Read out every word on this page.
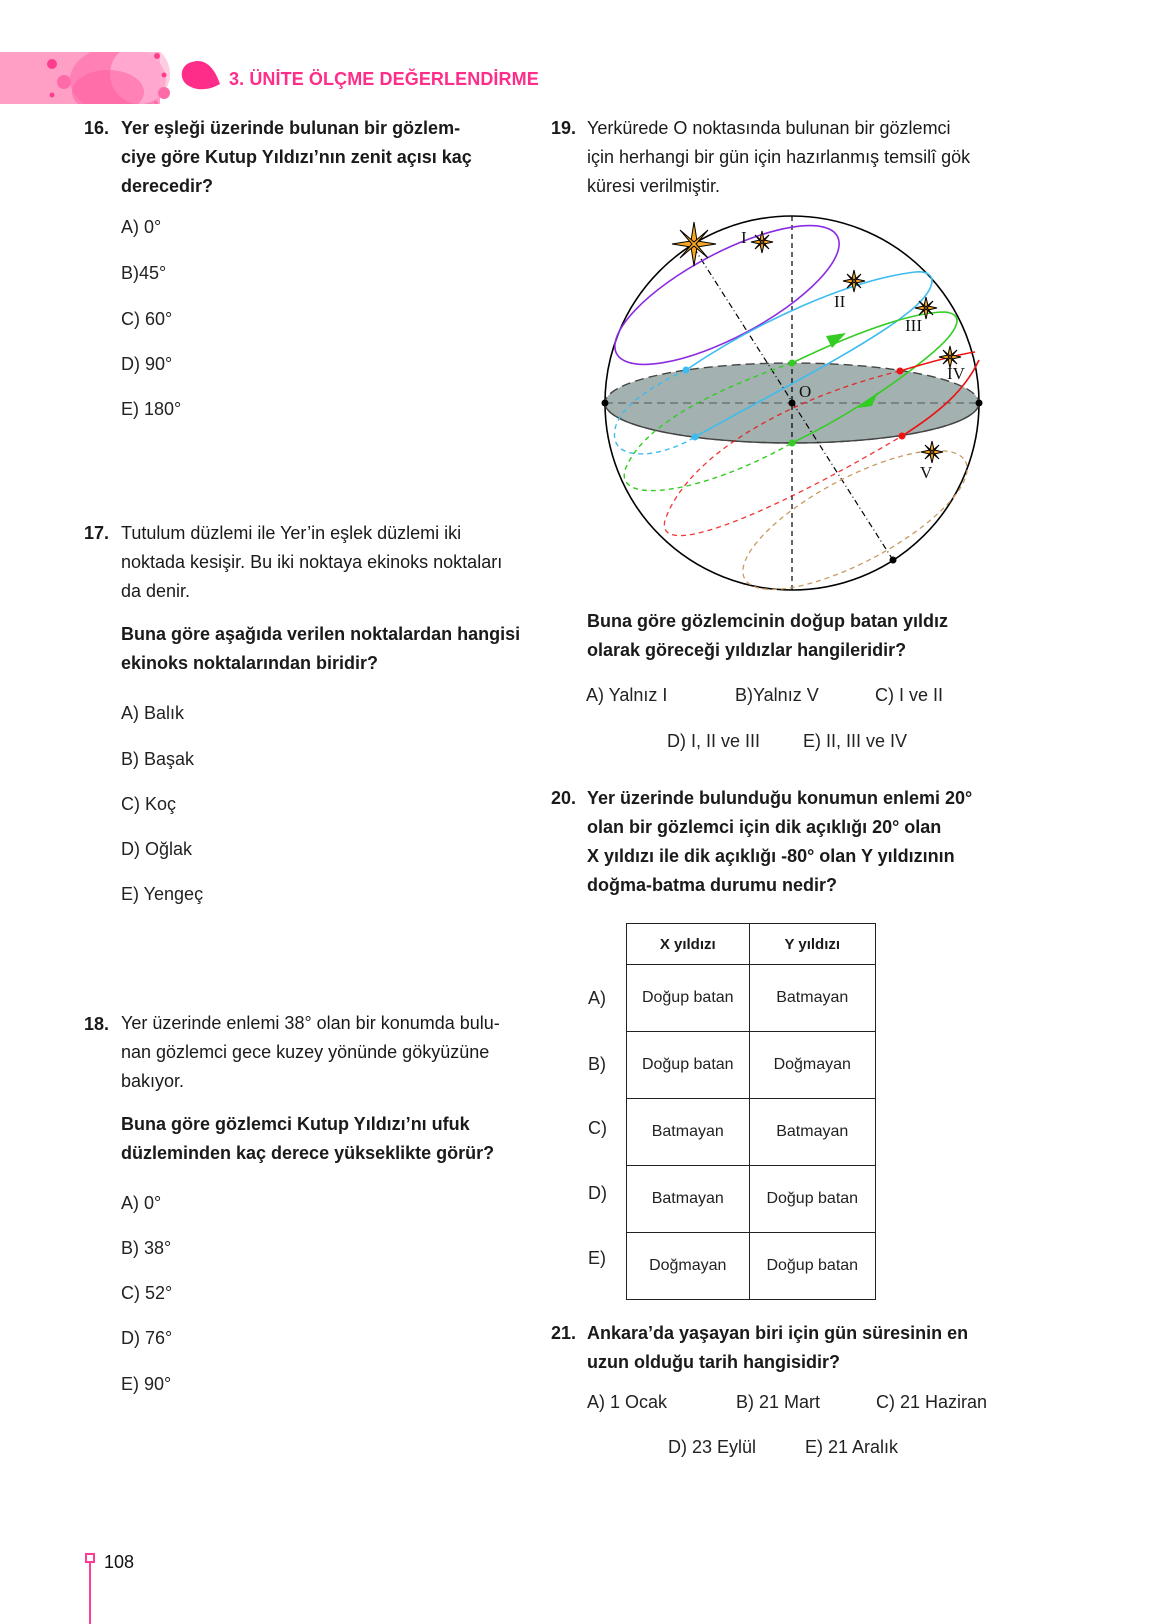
3. ÜNİTE ÖLÇME DEĞERLENDİRME
16. Yer eşleği üzerinde bulunan bir gözlem-
ciye göre Kutup Yıldızı’nın zenit açısı kaç
derecedir?
A) 0°
B)45°
C) 60°
D) 90°
E) 180°
17. Tutulum düzlemi ile Yer’in eşlek düzlemi iki
noktada kesişir. Bu iki noktaya ekinoks noktaları
da denir.
Buna göre aşağıda verilen noktalardan hangisi
ekinoks noktalarından biridir?
A) Balık
B) Başak
C) Koç
D) Oğlak
E) Yengeç
18. Yer üzerinde enlemi 38° olan bir konumda bulu-
nan gözlemci gece kuzey yönünde gökyüzüne
bakıyor.
Buna göre gözlemci Kutup Yıldızı’nı ufuk
düzleminden kaç derece yükseklikte görür?
A) 0°
B) 38°
C) 52°
D) 76°
E) 90°
19. Yerkürede O noktasında bulunan bir gözlemci
için herhangi bir gün için hazırlanmış temsilî gök
küresi verilmiştir.
I
II
III
IV
V
O
Buna göre gözlemcinin doğup batan yıldız
olarak göreceği yıldızlar hangileridir?
A) Yalnız I	B)Yalnız V	C) I ve II
D) I, II ve III E) II, III ve IV
20. Yer üzerinde bulunduğu konumun enlemi 20°
olan bir gözlemci için dik açıklığı 20° olan
X yıldızı ile dik açıklığı -80° olan Y yıldızının
doğma-batma durumu nedir?
A)
B)
C)
D)
E)
X yıldızı	Y yıldızı
Doğup batan	Batmayan
Doğup batan	Doğmayan
Batmayan	Batmayan
Batmayan	Doğup batan
Doğmayan	Doğup batan
21. Ankara’da yaşayan biri için gün süresinin en
uzun olduğu tarih hangisidir?
A) 1 Ocak	B) 21 Mart	C) 21 Haziran
D) 23 Eylül	E) 21 Aralık
108
